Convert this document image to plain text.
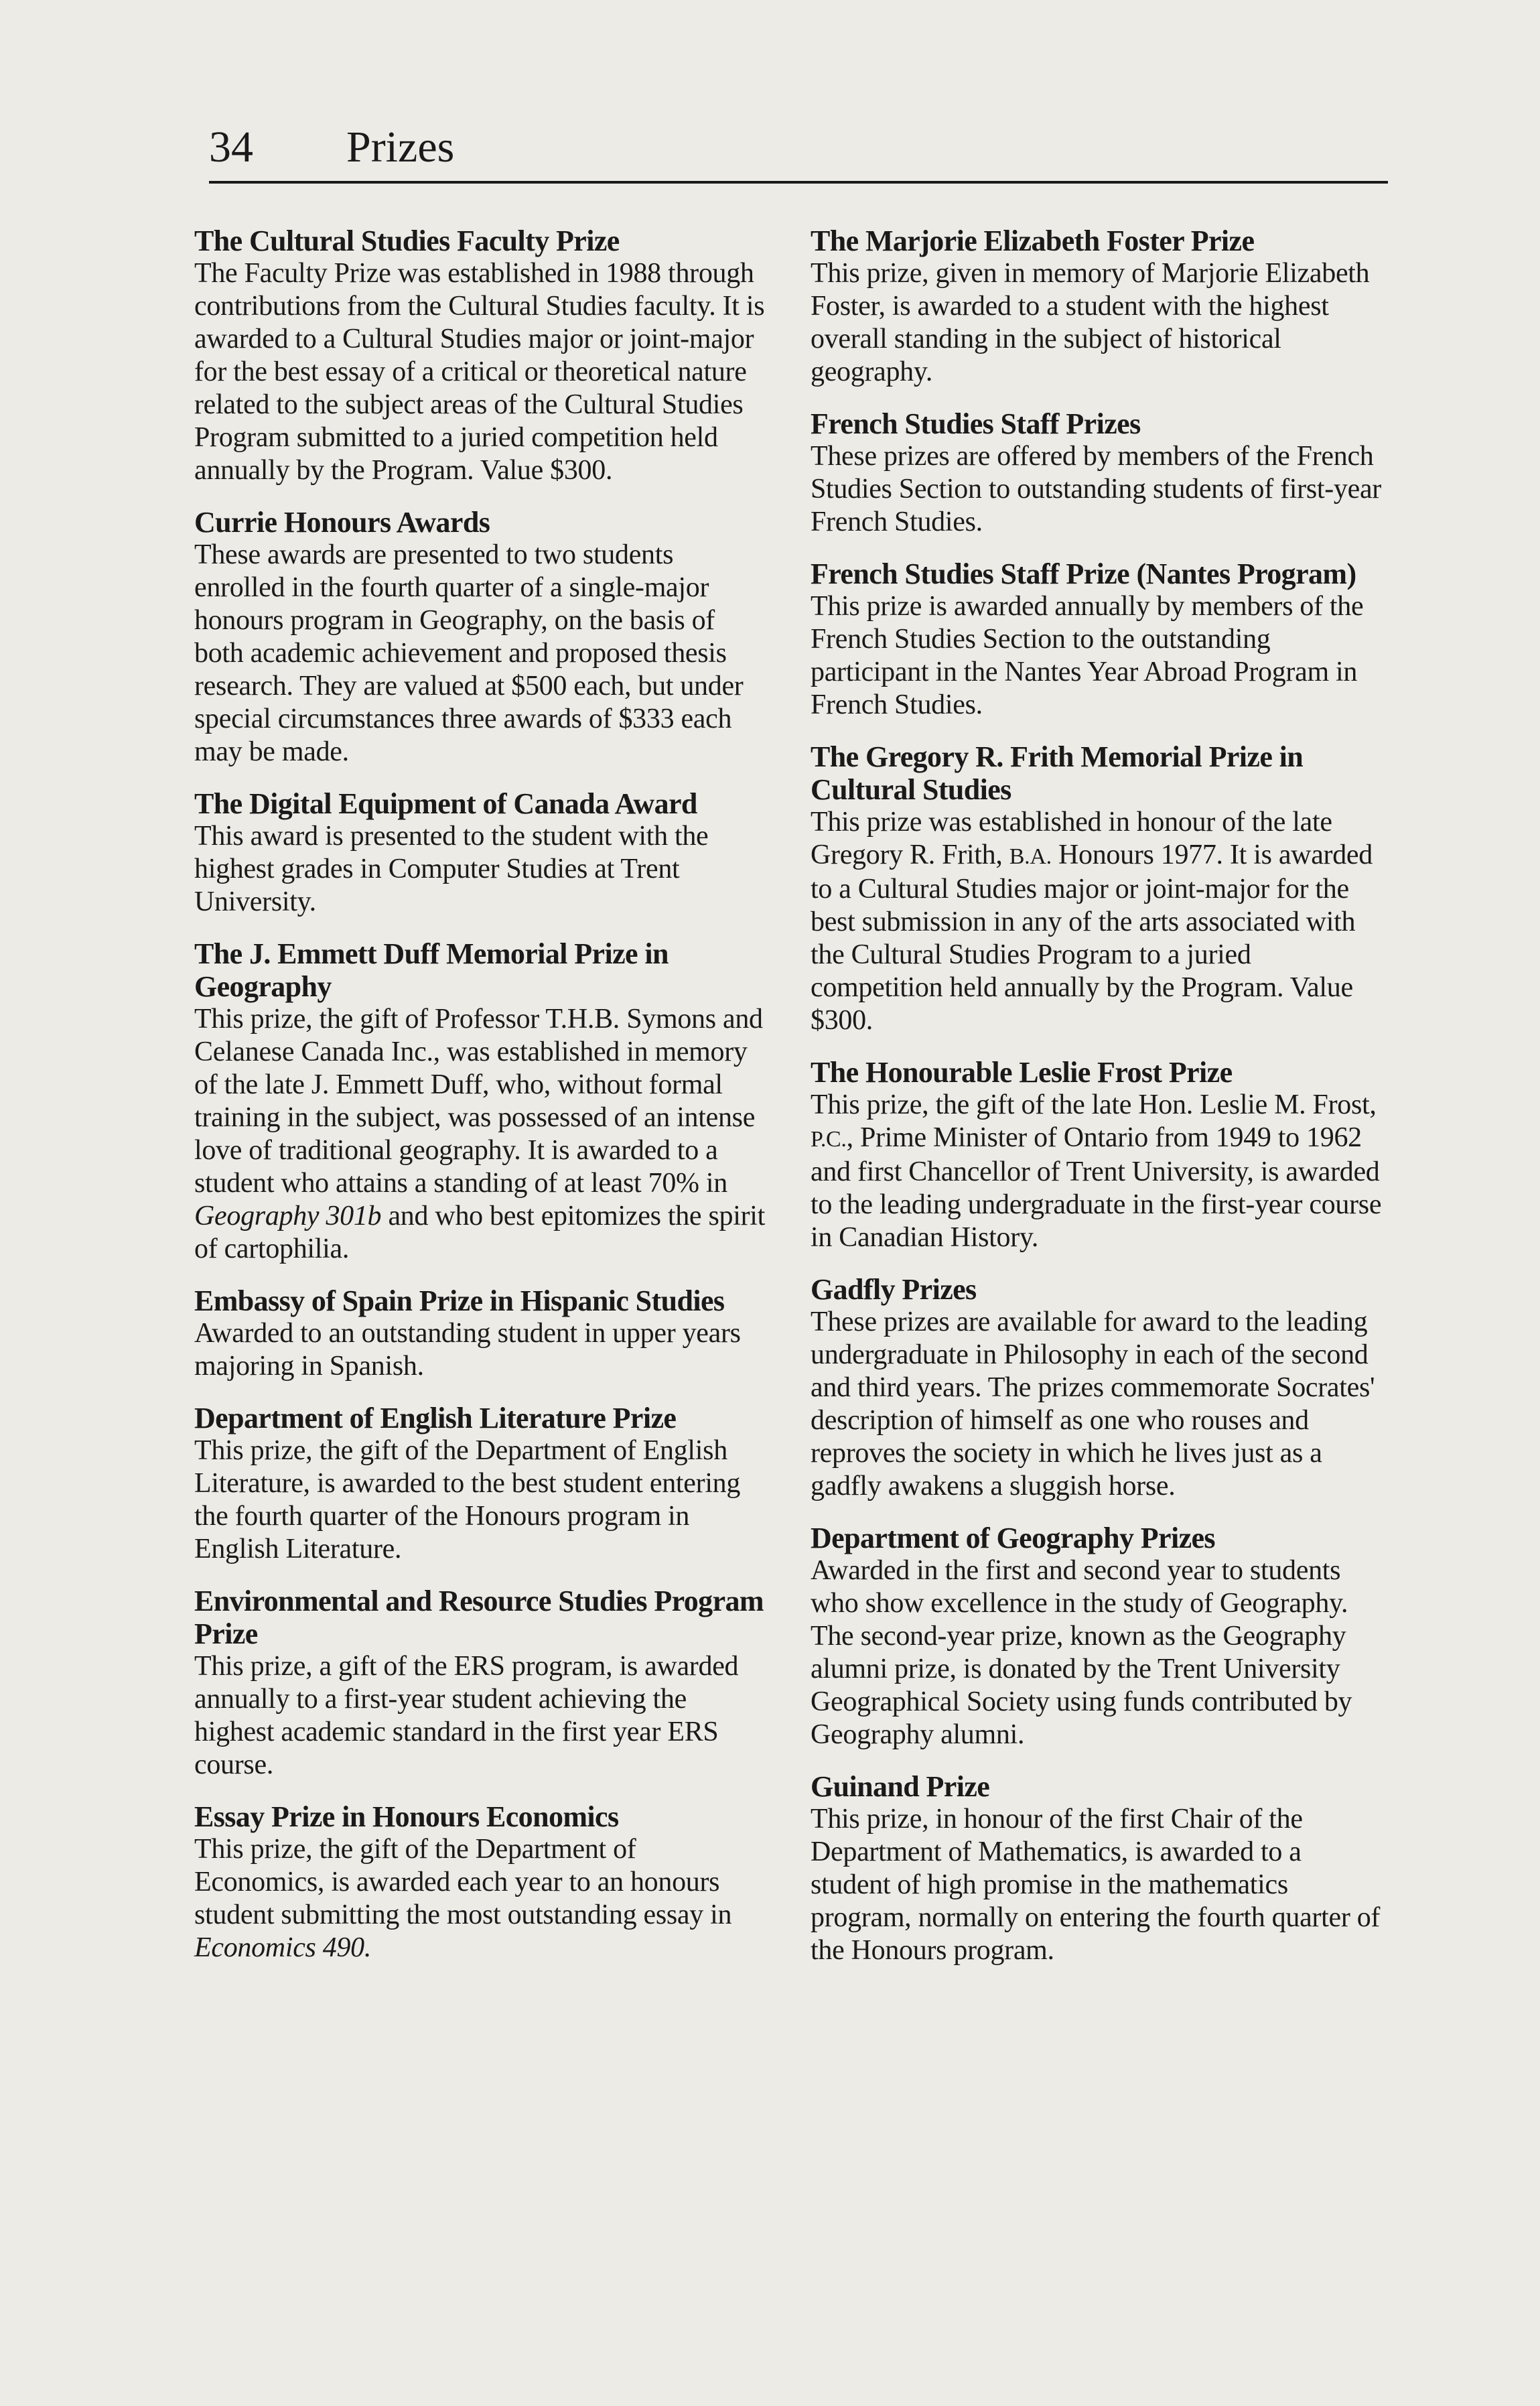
34 Prizes
The Cultural Studies Faculty Prize
The Faculty Prize was established in 1988 through contributions from the Cultural Studies faculty. It is awarded to a Cultural Studies major or joint-major for the best essay of a critical or theoretical nature related to the subject areas of the Cultural Studies Program submitted to a juried competition held annually by the Program. Value $300.
Currie Honours Awards
These awards are presented to two students enrolled in the fourth quarter of a single-major honours program in Geography, on the basis of both academic achievement and proposed thesis research. They are valued at $500 each, but under special circumstances three awards of $333 each may be made.
The Digital Equipment of Canada Award
This award is presented to the student with the highest grades in Computer Studies at Trent University.
The J. Emmett Duff Memorial Prize in Geography
This prize, the gift of Professor T.H.B. Symons and Celanese Canada Inc., was established in memory of the late J. Emmett Duff, who, without formal training in the subject, was possessed of an intense love of traditional geography. It is awarded to a student who attains a standing of at least 70% in Geography 301b and who best epitomizes the spirit of cartophilia.
Embassy of Spain Prize in Hispanic Studies
Awarded to an outstanding student in upper years majoring in Spanish.
Department of English Literature Prize
This prize, the gift of the Department of English Literature, is awarded to the best student entering the fourth quarter of the Honours program in English Literature.
Environmental and Resource Studies Program Prize
This prize, a gift of the ERS program, is awarded annually to a first-year student achieving the highest academic standard in the first year ERS course.
Essay Prize in Honours Economics
This prize, the gift of the Department of Economics, is awarded each year to an honours student submitting the most outstanding essay in Economics 490.
The Marjorie Elizabeth Foster Prize
This prize, given in memory of Marjorie Elizabeth Foster, is awarded to a student with the highest overall standing in the subject of historical geography.
French Studies Staff Prizes
These prizes are offered by members of the French Studies Section to outstanding students of first-year French Studies.
French Studies Staff Prize (Nantes Program)
This prize is awarded annually by members of the French Studies Section to the outstanding participant in the Nantes Year Abroad Program in French Studies.
The Gregory R. Frith Memorial Prize in Cultural Studies
This prize was established in honour of the late Gregory R. Frith, B.A. Honours 1977. It is awarded to a Cultural Studies major or joint-major for the best submission in any of the arts associated with the Cultural Studies Program to a juried competition held annually by the Program. Value $300.
The Honourable Leslie Frost Prize
This prize, the gift of the late Hon. Leslie M. Frost, P.C., Prime Minister of Ontario from 1949 to 1962 and first Chancellor of Trent University, is awarded to the leading undergraduate in the first-year course in Canadian History.
Gadfly Prizes
These prizes are available for award to the leading undergraduate in Philosophy in each of the second and third years. The prizes commemorate Socrates' description of himself as one who rouses and reproves the society in which he lives just as a gadfly awakens a sluggish horse.
Department of Geography Prizes
Awarded in the first and second year to students who show excellence in the study of Geography. The second-year prize, known as the Geography alumni prize, is donated by the Trent University Geographical Society using funds contributed by Geography alumni.
Guinand Prize
This prize, in honour of the first Chair of the Department of Mathematics, is awarded to a student of high promise in the mathematics program, normally on entering the fourth quarter of the Honours program.
